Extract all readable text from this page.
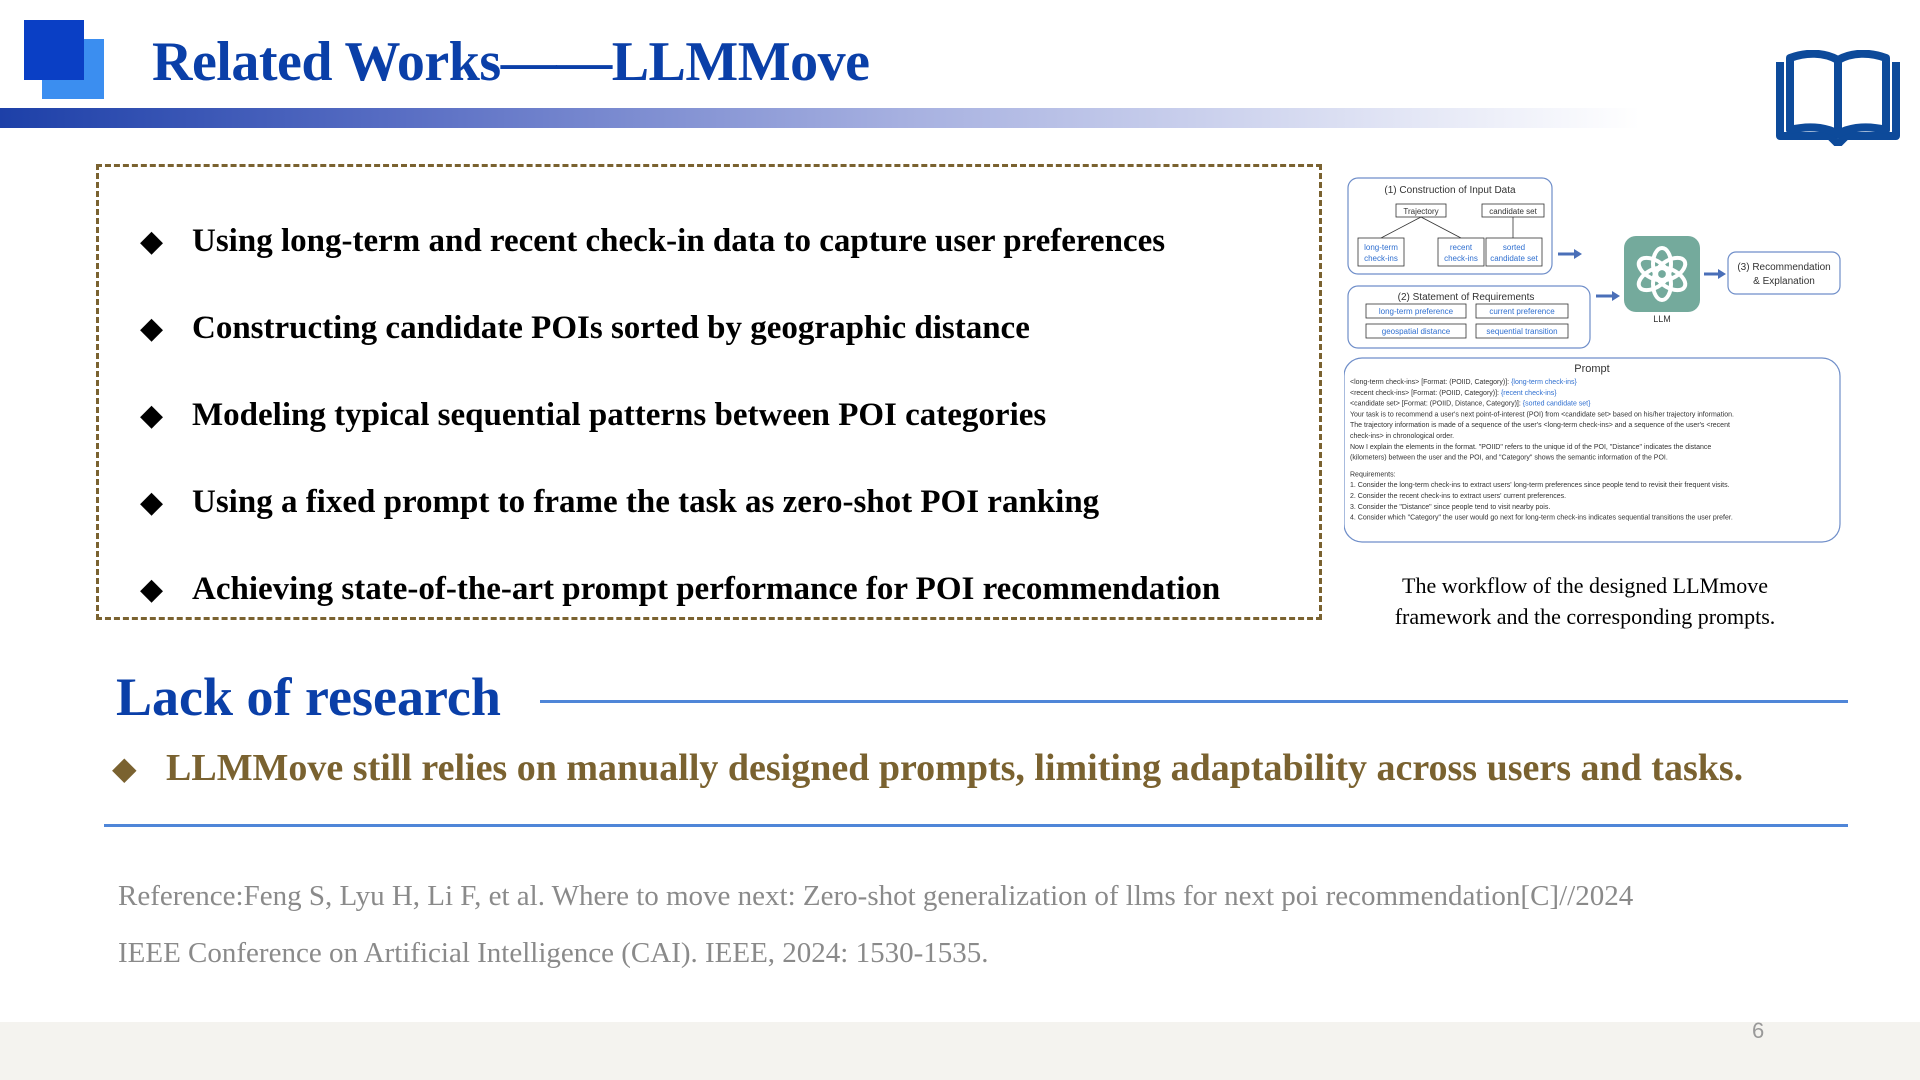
Related Works——LLMMove
◆ Using long-term and recent check-in data to capture user preferences
◆ Constructing candidate POIs sorted by geographic distance
◆ Modeling typical sequential patterns between POI categories
◆ Using a fixed prompt to frame the task as zero-shot POI ranking
◆ Achieving state-of-the-art prompt performance for POI recommendation
(1) Construction of Input Data
Trajectory	candidate set
long-term
check-ins
recent
check-ins
sorted
candidate set
(2) Statement of Requirements
long-term preference	current preference
geospatial distance	sequential transition
LLM
(3) Recommendation
& Explanation
Prompt
<long-term check-ins> [Format: (POIID, Category)]: {long-term check-ins}
<recent check-ins> [Format: (POIID, Category)]: {recent check-ins}
<candidate set> [Format: (POIID, Distance, Category)]: {sorted candidate set}
Your task is to recommend a user's next point-of-interest (POI) from <candidate set> based on his/her trajectory information.
The trajectory information is made of a sequence of the user's <long-term check-ins> and a sequence of the user's <recent
check-ins> in chronological order.
Now I explain the elements in the format. "POIID" refers to the unique id of the POI, "Distance" indicates the distance
(kilometers) between the user and the POI, and "Category" shows the semantic information of the POI.
Requirements:
1. Consider the long-term check-ins to extract users' long-term preferences since people tend to revisit their frequent visits.
2. Consider the recent check-ins to extract users' current preferences.
3. Consider the "Distance" since people tend to visit nearby pois.
4. Consider which "Category" the user would go next for long-term check-ins indicates sequential transitions the user prefer.
The workflow of the designed LLMmove
framework and the corresponding prompts.
Lack of research
◆ LLMMove still relies on manually designed prompts, limiting adaptability across users and tasks.
Reference:Feng S, Lyu H, Li F, et al. Where to move next: Zero-shot generalization of llms for next poi recommendation[C]//2024
IEEE Conference on Artificial Intelligence (CAI). IEEE, 2024: 1530-1535.
6
